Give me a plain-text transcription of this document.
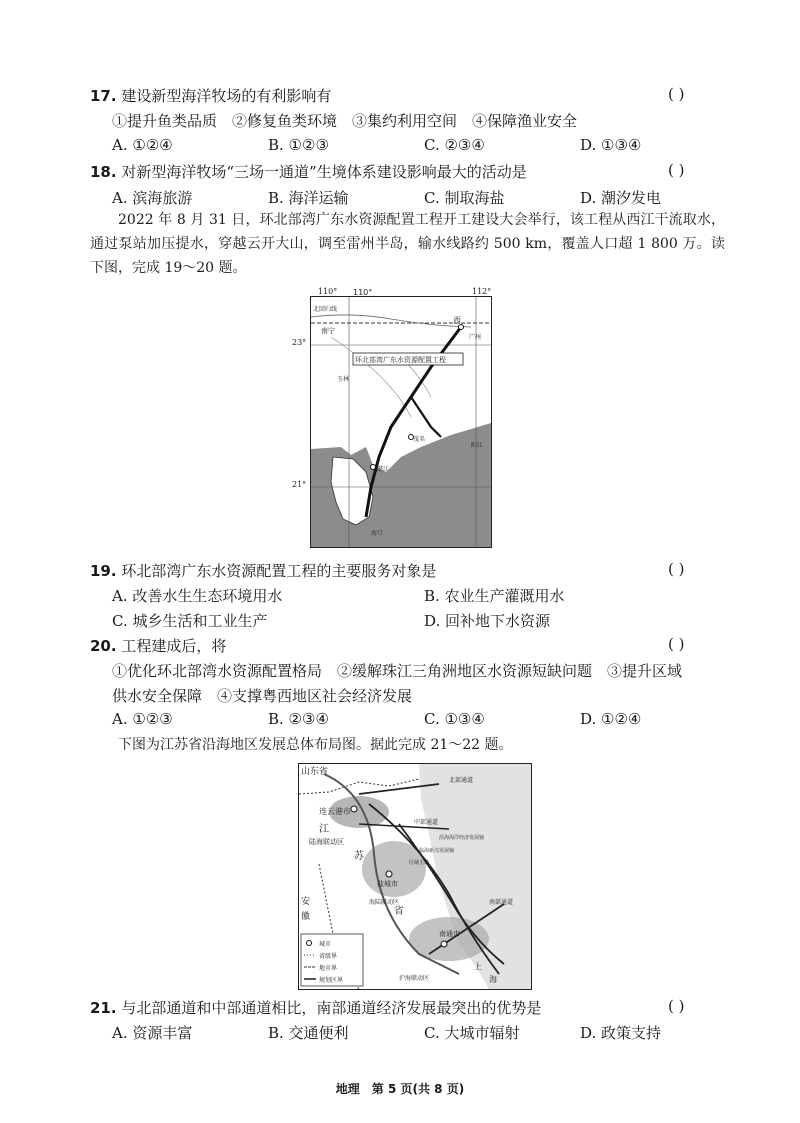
17. 建设新型海洋牧场的有利影响有	( )
①提升鱼类品质　②修复鱼类环境　③集约利用空间　④保障渔业安全
A. ①②④	B. ①②③	C. ②③④	D. ①③④
18. 对新型海洋牧场“三场一通道”生境体系建设影响最大的活动是	( )
A. 滨海旅游	B. 海洋运输	C. 制取海盐	D. 潮汐发电
2022 年 8 月 31 日，环北部湾广东水资源配置工程开工建设大会举行，该工程从西江干流取水，通过泵站加压提水，穿越云开大山，调至雷州半岛，输水线路约 500 km，覆盖人口超 1 800 万。读下图，完成 19～20 题。
110°
北回归线
南宁
西
广州
环北部湾广东水资源配置工程
玉林
阳江
湛江
茂名
海口
110°	112°
23°
21°
19. 环北部湾广东水资源配置工程的主要服务对象是	( )
A. 改善水生生态环境用水	B. 农业生产灌溉用水
C. 城乡生活和工业生产	D. 回补地下水资源
20. 工程建成后，将	( )
①优化环北部湾水资源配置格局　②缓解珠江三角洲地区水资源短缺问题　③提升区域
供水安全保障　④支撑粤西地区社会经济发展
A. ①②③	B. ②③④	C. ①③④	D. ①②④
下图为江苏省沿海地区发展总体布局图。据此完成 21～22 题。
山东省
北部通道
连云港市
江
陆海联动区
中部通道
沿海海洋经济发展轴
临海新兴发展轴
苏
区域主轴
盐城市
安
徽	省
海陆联动区	南部通道
南通市
上
海
沪海联动区
城市
省级界
地市界
规划区界
21. 与北部通道和中部通道相比，南部通道经济发展最突出的优势是	( )
A. 资源丰富	B. 交通便利	C. 大城市辐射	D. 政策支持
地理　第 5 页(共 8 页)
